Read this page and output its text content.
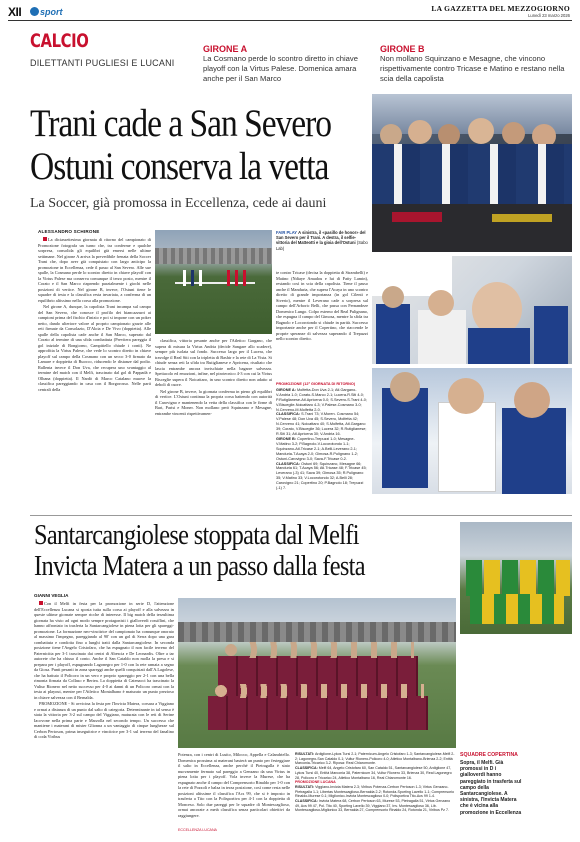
XII sport	LA GAZZETTA DEL MEZZOGIORNO
Lunedì 23 marzo 2026
CALCIO
DILETTANTI PUGLIESI E LUCANI
GIRONE A
La Cosmano perde lo scontro diretto in chiave playoff con la Virtus Palese. Domenica amara anche per il San Marco
GIRONE B
Non mollano Squinzano e Mesagne, che vincono rispettivamente contro Tricase e Matino e restano nella scia della capolista
Trani cade a San Severo
Ostuni conserva la vetta
La Soccer, già promossa in Eccellenza, cede ai dauni
ALESSANDRO SCHIRONE

La diciassettesima giornata di ritorno del campionato di Promozione fotografa un turno che, tra conferme e qualche sorpresa, consolida gli equilibri già emersi nelle ultime settimane. Nel girone A arriva la prevedibile frenata della Soccer Trani che, dopo aver già conquistato con largo anticipo la promozione in Eccellenza, cede il passo al San Severo. Alle sue spalle, la Cosmano perde lo scontro diretto in chiave playoff con la Virtus Palese ma conserva comunque il terzo posto, mentre il Corato e il San Marco riaprendo parzialmente i giochi nelle posizioni di vertice. Nel girone B, invece, l'Ostuni tiene le squadre di testa e la classifica resta invariata, a conferma di un equilibrio altissimo nella corsa alla promozione.

Nel girone A, dunque, la capolista Trani incampa sul campo del San Severo, che conosce il profilo dei biancazzurri ai campioni prima del fischio d'inizio e poi si impone con un poker netto, dando ulteriore valore al proprio campionato grazie alle reti firmate da Consolazio, D'Aloia e De Vivo (doppietta). Alle spalle della capolista cade anche il San Marco, superato dal Corato al termine di una sfida combattuta (Previtera pareggia il gol iniziale di Bongiorno, Campitiello chiude i conti). Ne approfitta la Virtus Palese, che vede lo scontro diretto in chiave playoff sul campo della Cosmano con un secco 3-0 firmato da Lamare e doppietta di Ruocco, riducendo le distanze dal podio. Rallenta invece il Don Uva, che recupera uno svantaggio al termine del match con il Melfi, trascinato dal gol di Pappadà e Olbana (doppietta). Il Nardò di Marco Catalano muove la classifica pareggiando in casa con il Borgorosso. Nelle parti centrali della

FAIR PLAY A sinistra, il «pasillo de honor» del San Severo per il Trani. A destra, il selfie-vittoria del Matteotti e la gioia dell'Ostuni (Sabo Lab)

classifica, vittoria pesante anche per l'Atletico Gargano, che supera di misura la Virtus Andria (decide Sangare allo scadere), sempre più isolata sul fondo. Successo largo per il Lucera, che travolge il Real Siti con la tripletta di Bashir e la rete di La Vista. Si chiude senza reti la sfida tra Rutiglianese e Apricena, risultato che lascia entrambe ancora invischiate nella bagarre salvezza. Spettacolo ed emozioni, infine, nel pirotecnico 4-3 con cui la Virtus Bisceglie supera il Noicattaro, in uno scontro diretto non adatto ai deboli di cuore.

Nel girone B, invece, la giornata conferma in pieno gli equilibri di vertice. L'Ostuni continua la propria corsa battendo con autorità il Carovigno e mantenendo la vetta della classifica con le firme di Bari, Parisi e Moner. Non mollano però Squinzano e Mesagne, entrambe vincenti rispettivamen-

te contro Tricase (decisa la doppietta di Strambelli) e Matino (Ndiaye Amadou e lui di Fatty Lamin), restando così in scia della capolista. Tiene il passo anche il Manduria, che supera l'Acaya in uno scontro diretto di grande importanza (in gol Cilenti e Siverio), mentre il Leverano cade a sorpresa sul campo dell'Arboric Belli, che passa con Fernandeze Domenico Lungo. Colpo esterno del Real Pulignano, che espugna il campo del Gimosa, mentre la sfida tra Bagnolo e Locorotondo si chiude in parità. Successo importante anche per il Copertino, che riaccende le proprie speranze di salvezza superando il Trepuzzi nello scontro diretto.

PROMOZIONE (12ª GIORNATA DI RITORNO)
GIRONE A: Molfetta-Don Uva 2-1; Atl.Gargano-V.Andria 1-0; Corato-S.Marco 2-1; Lucera-R.Siti 4-0; P.Rutiglianese-Atl.Apricena 0-0; S.Severo-S.Trani 4-0; V.Bisceglie-Noicattaro 4-3; V.Palese-Cosmano 3-0; N.Cerveno-M.Molfetta 2-0.
CLASSIFICA: S.Trani 73; V.Moren. Cosmano 54; V.Palese 48; Don Uva 45; S.Severo, Molfetta 42; N.Cerveno 41; Noicattaro 40; S.Molfetta, Atl.Gargano 39; Corato, V.Bisceglie 36; Lucera 32; R.Rutiglianese; R.Siti 31; Atl.Apricena 30; V.Andria 16.
GIRONE B: Copertino-Trepuzzi 1-0; Mesagne-V.Matino 3-2; P.Bagnolo-V.Locorotondo 1-1; Squinzano-Atl.Tricase 2-1; A.Belli-Leverano 2-1; Manduria-T.Acaya 2-0; Gimosa-R.Pulignano 1-2; Ostuni-Carovigno 3-0; Sava-F.Tricase 0-2.
CLASSIFICA: Ostuni 69; Squinzano, Mesagne 66; Manduria 61; T.Acaya 56; Atl.Tricase 48; F.Tricase 45; Leverano (-3) 41; Sava 39; Gimosa 35; R.Pulignano 35; V.Matino 33; V.Locorotondo 32; A.Belli 28; Carovigno 21; Copertino 20; P.Bagnolo 18; Trepuzzi (-1) 7.
Santarcangiolese stoppata dal Melfi
Invicta Matera a un passo dalla festa
GIANNI VEGLIA

Con il Melfi in festa per la promozione in serie D, l'attenzione dell'Eccellenza Lucana si sposta tutta sulla corsa ai playoff e alla salvezza in queste ultime giornate sempre ricche di interesse. Il big match della terzultima giornata ha visto ad ogni modo sempre protagonisti i gialloverdi rossiflini, che hanno affrontato in trasferta la Santarcangiolese in piena lotta per gli spareggi-promozione. La formazione neo-vincitrice del campionato ha comunque onorato al massimo l'impegno, pareggiando al 90' con un gol di Serra dopo una gara combattuta e condotta fino a lunghi tratti dalla Santarcangiolese. In seconda posizione tiene l'Angelo Cristofaro, che ha espugnato il non facile terreno del Paternicitta per 3-1 trascinato dai centri di Abescia e De Leonardis. Oltre a tar autorete che ha chiuso il conto. Anche il San Cataldo non molla la presa e si prepara per i playoff, espugnando Lagonegro per 1-0 con la rete ramaia a segno da Giosa. Punti pesanti in zona spareggi anche quelli conquistati dall'A.Lagolese, che ha battuto il Policoro in un vero e proprio spareggio per 2-1 con una bella rimonta firmata da Collaso e Bertea. La doppietta di Catenacci ha trascinato la Vultur Rionero nel netto successo per 4-0 ai danni di un Policoro ormai con la testa ai playout, mentre per l'Atletico Montalbano è maturato un punto prezioso in chiave salvezza con il Bernalda.

PROMOZIONE - Si avvicina la festa per l'Invicta Matera, corsara a Viggiano e ormai a distanza di un punto dal salto di categoria. Determinante in tal senso è stata la vittoria per 3-2 sul campo del Viggiano, maturata con le reti di Serine Iacovone nella prima parte e Marzolla nel secondo tempo. Un successo che mantiene i materani di mister Glionna a un vantaggio di cinque lunghezze sul Cerbon Pertoson, prima inseguitrice e vincitrice per 3-1 sul terreno del fanalino di coda Viribus

Potenza, con i centri di Lusito, Milocco, Appella e Calandriello. Domenica prossima ai materani basterà un punto per festeggiare il salto in Eccellenza, anche perché il Pietragalla è stato nuovamente fermato sul pareggio a Genzano da una Virtus in piena lotta per i playoff. Vola invece la Murese, che ha espugnato anche il campo del Comprensorio Rinaldo per 1-0 con la rete di Pozzoli e balza in terza posizione, così come resta nelle posizioni altissime il classifica l'Acs 99, che si è imposto in trasferta a Tito con la Polisportiva per 4-1 con la doppietta di Monceso. Solo due pareggi per le squadre di Montescaglioso, ormai ancorate a metà classifica senza particolari obiettivi da raggiungere.

ECCELLENZA LUCANA
RISULTATI: Ardiglione-Lykos Tursi 2-1; Paternicum-Angelo Cristofaro 1-3; Santarcangiolese-Melfi 2-2; Lagonegro-San Cataldo 0-1; Vultur Rionero-Policoro 4-0; Atletico Montalbano-Brienza 2-2; Entità Marconia-Tricarico 3-2. Riposa: Real Chiaromonte.
CLASSIFICA: Melfi 64, Angelo Cristofaro 60, San Cataldo 51, Santarcangiolese 50, Ardiglione 47, Lykos Tursi 40, Entità Marconia 38, Paternicum 34, Vultur Rionero 33, Brienza 30, Real Lagonegro 28, Policoro e Tricarico 24, Atletico Montalbano 16, Real Chiaromonte 16.
PROMOZIONE LUCANA
RISULTATI: Viggiano-Invicta Matera 2-3; Viribus Potenza-Cerbon Pertoson 1-3; Virtus Genzano-Pietragalla 1-1; Libertas Montescaglioso-Bernalda 2-2; Rotonda-Sporting Lavello 1-1; Comprensorio Rinaldo-Murese 0-1; Miglionico-Invicta Montescaglioso 0-0; Polisportiva Tito-Acs 99 1-4.
CLASSIFICA: Invicta Matera 68, Cerbon Pertoson 63, Murese 53, Pietragalla 51, Virtus Genzano 49, Acs 99 47, Pol. Tito 40, Sporting Lavello 39, Viggiano 37, Inv. Montescaglioso 36, Lib. Montescaglioso-Miglionico 33, Bernalda 27, Comprensorio Rinaldo 24, Rotonda 21, Viribus Pz 7.
SQUADRE COPERTINA
Sopra, il Melfi. Già promossi in D i gialloverdi hanno pareggiato in trasferta sul campo della Santarcangiolese. A sinistra, l'Invicta Matera che è vicina alla promozione in Eccellenza
